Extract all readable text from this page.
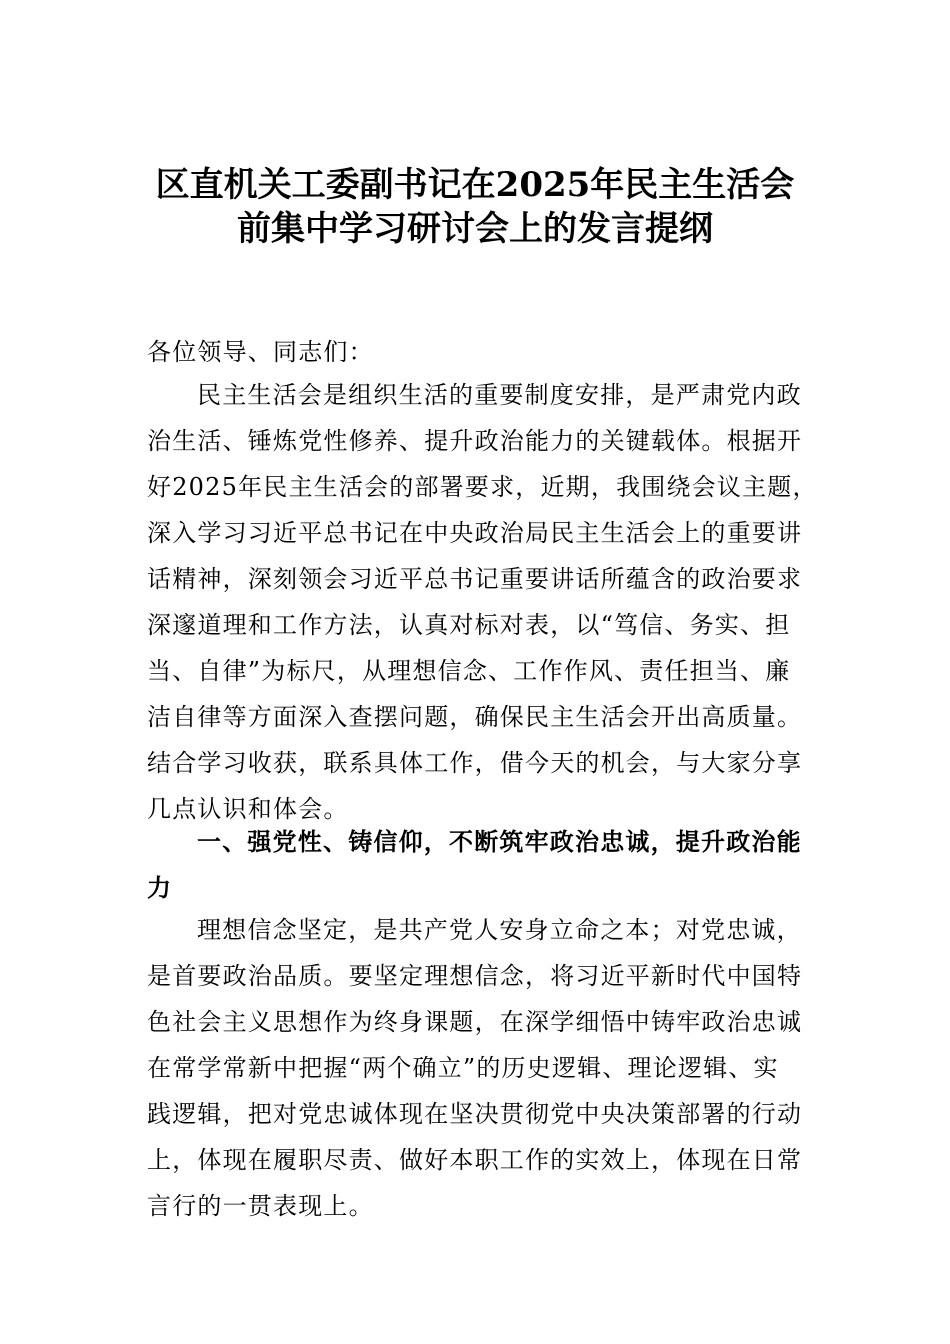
区直机关工委副书记在2025年民主生活会
前集中学习研讨会上的发言提纲
各位领导、同志们：
民主生活会是组织生活的重要制度安排，是严肃党内政
治生活、锤炼党性修养、提升政治能力的关键载体。根据开
好2025年民主生活会的部署要求，近期，我围绕会议主题，
深入学习习近平总书记在中央政治局民主生活会上的重要讲
话精神，深刻领会习近平总书记重要讲话所蕴含的政治要求
深邃道理和工作方法，认真对标对表，以“笃信、务实、担
当、自律”为标尺，从理想信念、工作作风、责任担当、廉
洁自律等方面深入查摆问题，确保民主生活会开出高质量。
结合学习收获，联系具体工作，借今天的机会，与大家分享
几点认识和体会。
一、强党性、铸信仰，不断筑牢政治忠诚，提升政治能
力
理想信念坚定，是共产党人安身立命之本；对党忠诚，
是首要政治品质。要坚定理想信念，将习近平新时代中国特
色社会主义思想作为终身课题，在深学细悟中铸牢政治忠诚
在常学常新中把握“两个确立”的历史逻辑、理论逻辑、实
践逻辑，把对党忠诚体现在坚决贯彻党中央决策部署的行动
上，体现在履职尽责、做好本职工作的实效上，体现在日常
言行的一贯表现上。
